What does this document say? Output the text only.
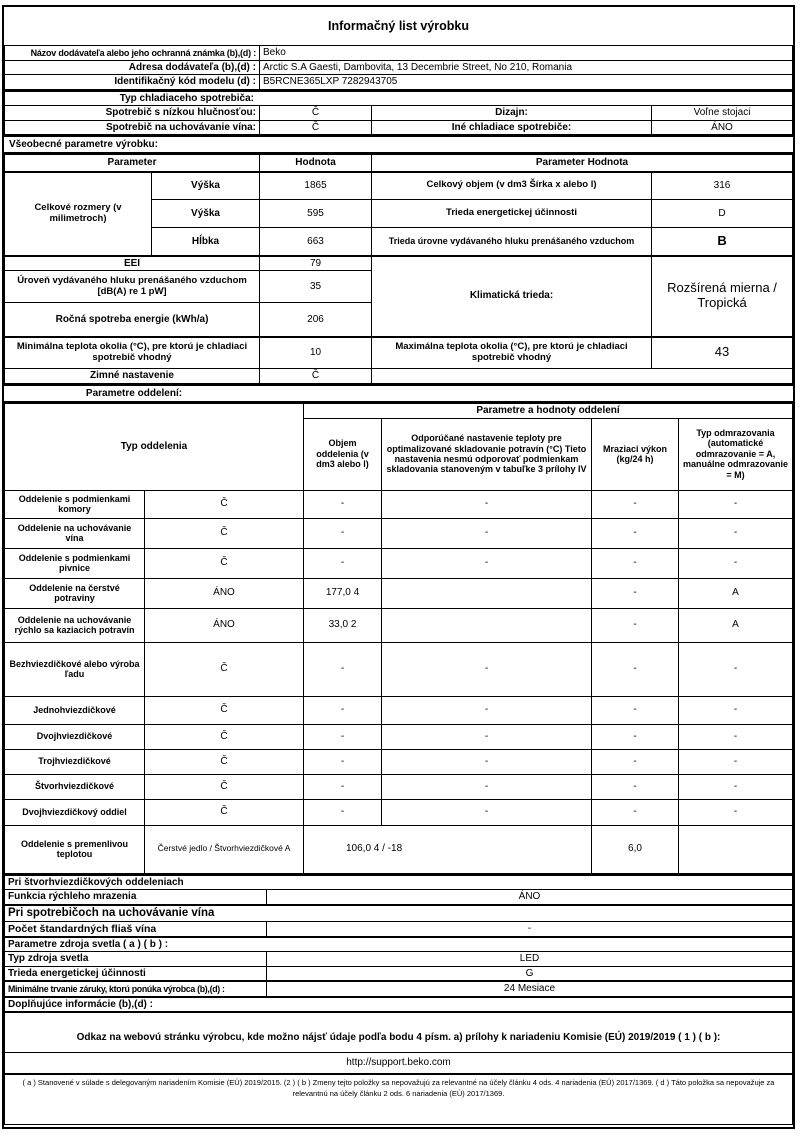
Informačný list výrobku
Názov dodávateľa alebo jeho ochranná známka (b),(d) :	Beko
Adresa dodávateľa (b),(d) :	Arctic S.A Gaesti, Dambovita, 13 Decembrie Street, No 210, Romania
Identifikačný kód modelu (d) :	B5RCNE365LXP 7282943705
Typ chladiaceho spotrebiča:			
Spotrebič s nízkou hlučnosťou:	Č	Dizajn:	Voľne stojaci
Spotrebič na uchovávanie vína:	Č	Iné chladiace spotrebiče:	ÁNO
Všeobecné parametre výrobku:
Parameter		Hodnota	Parameter Hodnota	
Celkové rozmery (v milimetroch)	Výška	1865	Celkový objem (v dm3 Šírka x alebo l)	316
	Výška	595	Trieda energetickej účinnosti	D
	Hĺbka	663	Trieda úrovne vydávaného hluku prenášaného vzduchom	B
EEI		79	Klimatická trieda:	Rozšírená mierna / Tropická
Úroveň vydávaného hluku prenášaného vzduchom [dB(A) re 1 pW]		35		
Ročná spotreba energie (kWh/a)		206		
Minimálna teplota okolia (°C), pre ktorú je chladiaci spotrebič vhodný		10	Maximálna teplota okolia (°C), pre ktorú je chladiaci spotrebič vhodný	43
Zimné nastavenie		Č		
Parametre oddelení:
Typ oddelenia		Parametre a hodnoty oddelení			
		Objem oddelenia (v dm3 alebo l)	Odporúčané nastavenie teploty pre optimalizované skladovanie potravín (°C) Tieto nastavenia nesmú odporovať podmienkam skladovania stanoveným v tabuľke 3 prílohy IV	Mraziaci výkon (kg/24 h)	Typ odmrazovania (automatické odmrazovanie = A, manuálne odmrazovanie = M)
Oddelenie s podmienkami komory	Č	-	-	-	-
Oddelenie na uchovávanie vína	Č	-	-	-	-
Oddelenie s podmienkami pivnice	Č	-	-	-	-
Oddelenie na čerstvé potraviny	ÁNO	177,0 4		-	A
Oddelenie na uchovávanie rýchlo sa kaziacich potravín	ÁNO	33,0 2		-	A
Bezhviezdičkové alebo výroba ľadu	Č	-	-	-	-
Jednohviezdičkové	Č	-	-	-	-
Dvojhviezdičkové	Č	-	-	-	-
Trojhviezdičkové	Č	-	-	-	-
Štvorhviezdičkové	Č	-	-	-	-
Dvojhviezdičkový oddiel	Č	-	-	-	-
Oddelenie s premenlivou teplotou	Čerstvé jedlo / Štvorhviezdičkové A	106,0 4 / -18		6,0	
Pri štvorhviezdičkových oddeleniach	
Funkcia rýchleho mrazenia	ÁNO
Pri spotrebičoch na uchovávanie vína	
Počet štandardných fliaš vína	-
Parametre zdroja svetla ( a ) ( b ) :	
Typ zdroja svetla	LED
Trieda energetickej účinnosti	G
Minimálne trvanie záruky, ktorú ponúka výrobca (b),(d) :	24 Mesiace
Doplňujúce informácie (b),(d) :	
Odkaz na webovú stránku výrobcu, kde možno nájsť údaje podľa bodu 4 písm. a) prílohy k nariadeniu Komisie (EÚ) 2019/2019 ( 1 ) ( b ):	
http://support.beko.com	
( a ) Stanovené v súlade s delegovaným nariadením Komisie (EÚ) 2019/2015. (2 ) ( b ) Zmeny tejto položky sa nepovažujú za relevantné na účely článku 4 ods. 4 nariadenia (EÚ) 2017/1369. ( d ) Táto položka sa nepovažuje za relevantnú na účely článku 2 ods. 6 nariadenia (EÚ) 2017/1369.	
